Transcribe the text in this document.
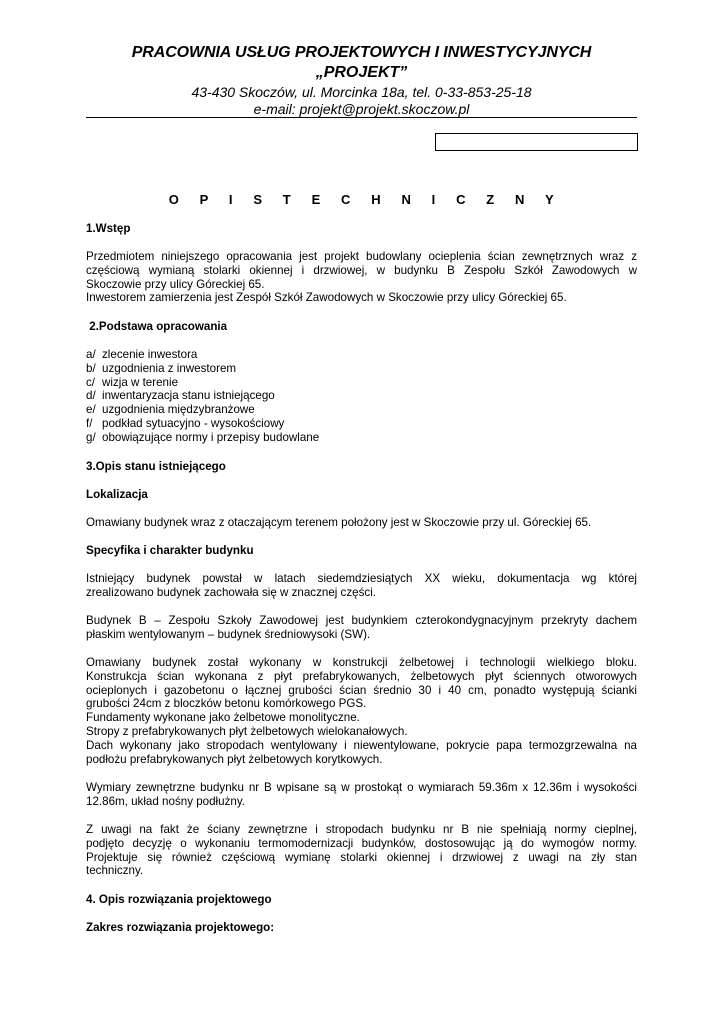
PRACOWNIA USŁUG PROJEKTOWYCH I INWESTYCYJNYCH
„PROJEKT”
43-430 Skoczów, ul. Morcinka 18a, tel. 0-33-853-25-18
e-mail: projekt@projekt.skoczow.pl
O P I S T E C H N I C Z N Y
1.Wstęp
Przedmiotem niniejszego opracowania jest projekt budowlany ocieplenia ścian zewnętrznych wraz z
częściową wymianą stolarki okiennej i drzwiowej, w budynku B Zespołu Szkół Zawodowych w
Skoczowie przy ulicy Góreckiej 65.
Inwestorem zamierzenia jest Zespół Szkół Zawodowych w Skoczowie przy ulicy Góreckiej 65.
2.Podstawa opracowania
a/ zlecenie inwestora
b/ uzgodnienia z inwestorem
c/ wizja w terenie
d/ inwentaryzacja stanu istniejącego
e/ uzgodnienia międzybranżowe
f/ podkład sytuacyjno - wysokościowy
g/ obowiązujące normy i przepisy budowlane
3.Opis stanu istniejącego
Lokalizacja
Omawiany budynek wraz z otaczającym terenem położony jest w Skoczowie przy ul. Góreckiej 65.
Specyfika i charakter budynku
Istniejący budynek powstał w latach siedemdziesiątych XX wieku, dokumentacja wg której
zrealizowano budynek zachowała się w znacznej części.
Budynek B – Zespołu Szkoły Zawodowej jest budynkiem czterokondygnacyjnym przekryty dachem
płaskim wentylowanym – budynek średniowysoki (SW).
Omawiany budynek został wykonany w konstrukcji żelbetowej i technologii wielkiego bloku.
Konstrukcja ścian wykonana z płyt prefabrykowanych, żelbetowych płyt ściennych otworowych
ocieplonych i gazobetonu o łącznej grubości ścian średnio 30 i 40 cm, ponadto występują ścianki
grubości 24cm z bloczków betonu komórkowego PGS.
Fundamenty wykonane jako żelbetowe monolityczne.
Stropy z prefabrykowanych płyt żelbetowych wielokanałowych.
Dach wykonany jako stropodach wentylowany i niewentylowane, pokrycie papa termozgrzewalna na
podłożu prefabrykowanych płyt żelbetowych korytkowych.
Wymiary zewnętrzne budynku nr B wpisane są w prostokąt o wymiarach 59.36m x 12.36m i wysokości
12.86m, układ nośny podłużny.
Z uwagi na fakt że ściany zewnętrzne i stropodach budynku nr B nie spełniają normy cieplnej,
podjęto decyzję o wykonaniu termomodernizacji budynków, dostosowując ją do wymogów normy.
Projektuje się również częściową wymianę stolarki okiennej i drzwiowej z uwagi na zły stan
techniczny.
4. Opis rozwiązania projektowego
Zakres rozwiązania projektowego:
